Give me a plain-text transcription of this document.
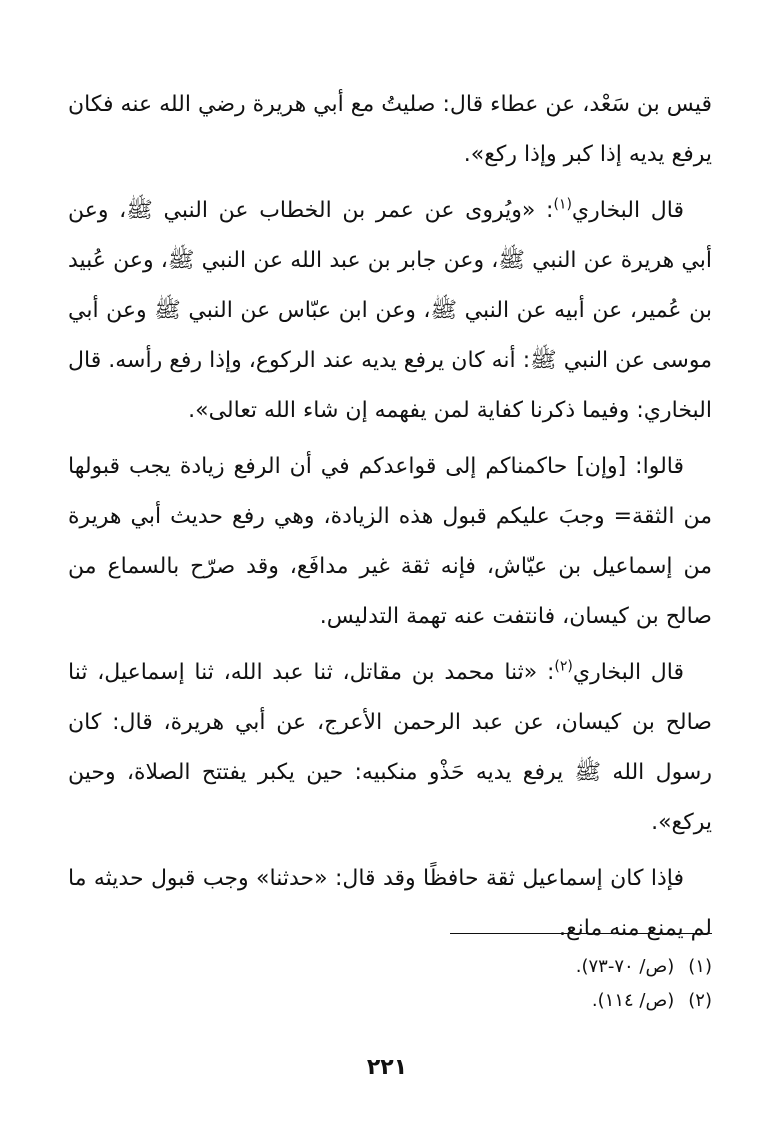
قيس بن سَعْد، عن عطاء قال: صليتُ مع أبي هريرة رضي الله عنه فكان يرفع يديه إذا كبر وإذا ركع».

قال البخاري$^{(١)}$: «ويُروى عن عمر بن الخطاب عن النبي ﷺ، وعن أبي هريرة عن النبي ﷺ، وعن جابر بن عبد الله عن النبي ﷺ، وعن عُبيد بن عُمير، عن أبيه عن النبي ﷺ، وعن ابن عبّاس عن النبي ﷺ وعن أبي موسى عن النبي ﷺ: أنه كان يرفع يديه عند الركوع، وإذا رفع رأسه. قال البخاري: وفيما ذكرنا كفاية لمن يفهمه إن شاء الله تعالى».

قالوا: [وإن] حاكمناكم إلى قواعدكم في أن الرفع زيادة يجب قبولها من الثقة= وجبَ عليكم قبول هذه الزيادة، وهي رفع حديث أبي هريرة من إسماعيل بن عيّاش، فإنه ثقة غير مدافَع، وقد صرّح بالسماع من صالح بن كيسان، فانتفت عنه تهمة التدليس.

قال البخاري$^{(٢)}$: «ثنا محمد بن مقاتل، ثنا عبد الله، ثنا إسماعيل، ثنا صالح بن كيسان، عن عبد الرحمن الأعرج، عن أبي هريرة، قال: كان رسول الله ﷺ يرفع يديه حَذْو منكبيه: حين يكبر يفتتح الصلاة، وحين يركع».

فإذا كان إسماعيل ثقة حافظًا وقد قال: «حدثنا» وجب قبول حديثه ما لم يمنع منه مانع.

(١)(ص/ ٧٠-٧٣).
(٢)(ص/ ١١٤).
٢٢١
